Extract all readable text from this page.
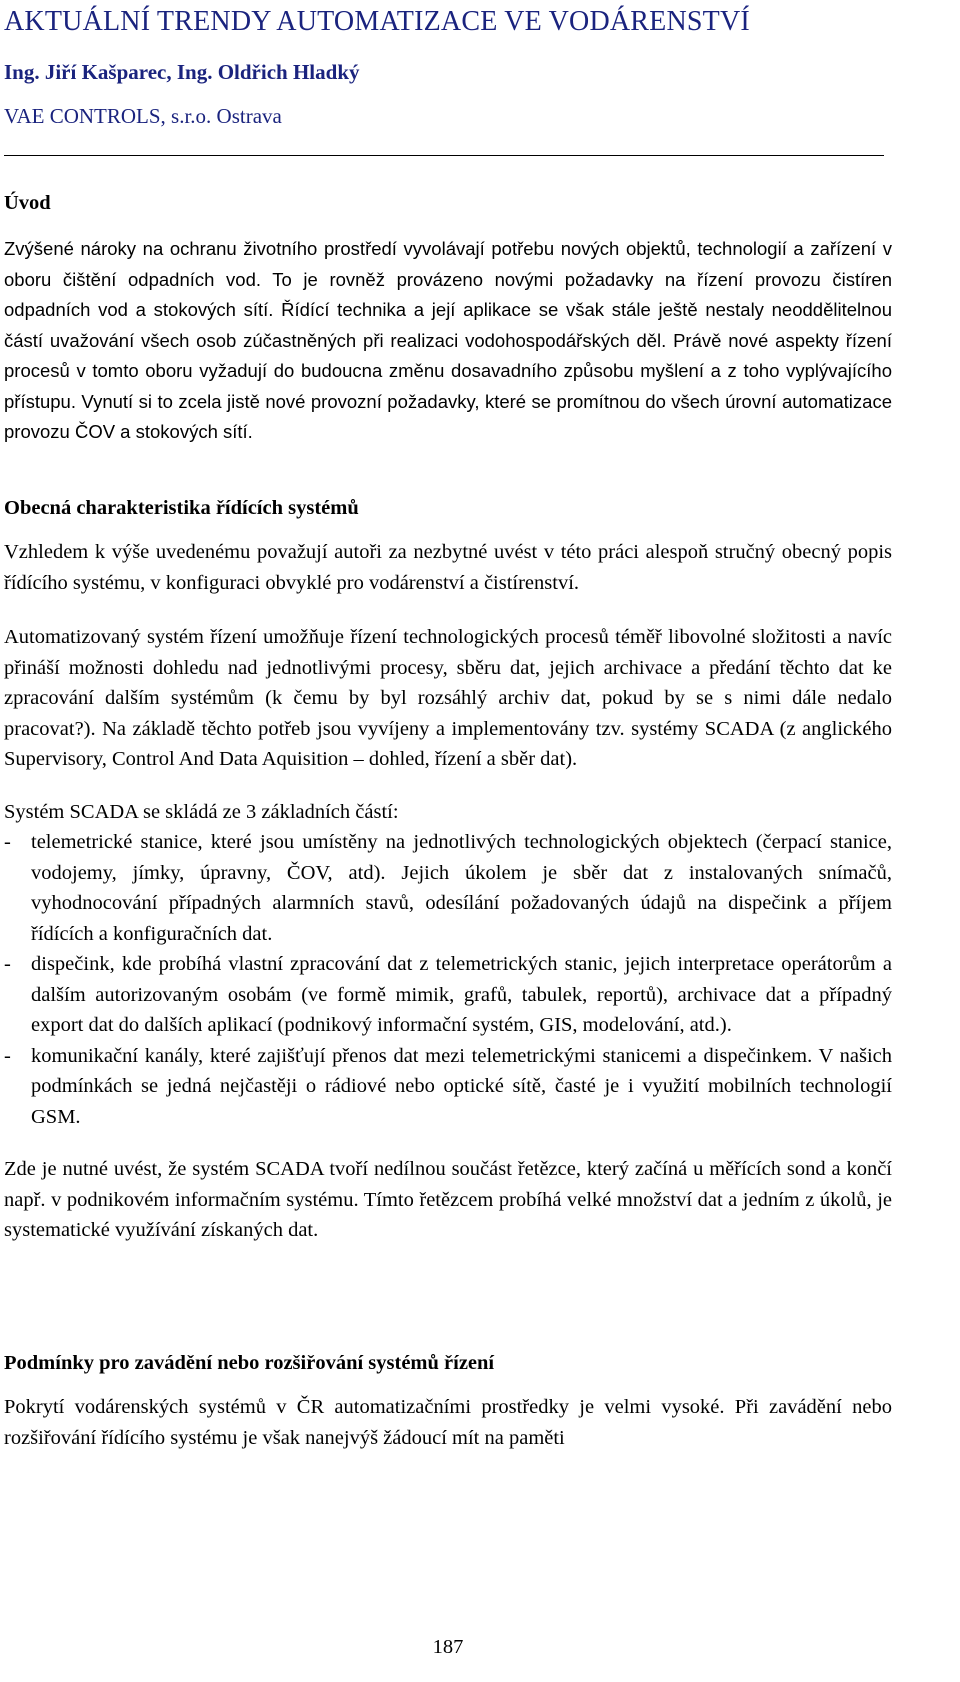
AKTUÁLNÍ TRENDY AUTOMATIZACE VE VODÁRENSTVÍ
Ing. Jiří Kašparec, Ing. Oldřich Hladký
VAE CONTROLS, s.r.o. Ostrava
Úvod

Zvýšené nároky na ochranu životního prostředí vyvolávají potřebu nových objektů, technologií a zařízení v oboru čištění odpadních vod. To je rovněž provázeno novými požadavky na řízení provozu čistíren odpadních vod a stokových sítí. Řídící technika a její aplikace se však stále ještě nestaly neoddělitelnou částí uvažování všech osob zúčastněných při realizaci vodohospodářských děl. Právě nové aspekty řízení procesů v tomto oboru vyžadují do budoucna změnu dosavadního způsobu myšlení a z toho vyplývajícího přístupu. Vynutí si to zcela jistě nové provozní požadavky, které se promítnou do všech úrovní automatizace provozu ČOV a stokových sítí.

Obecná charakteristika řídících systémů

Vzhledem k výše uvedenému považují autoři za nezbytné uvést v této práci alespoň stručný obecný popis řídícího systému, v konfiguraci obvyklé pro vodárenství a čistírenství.

Automatizovaný systém řízení umožňuje řízení technologických procesů téměř libovolné složitosti a navíc přináší možnosti dohledu nad jednotlivými procesy, sběru dat, jejich archivace a předání těchto dat ke zpracování dalším systémům (k čemu by byl rozsáhlý archiv dat, pokud by se s nimi dále nedalo pracovat?). Na základě těchto potřeb jsou vyvíjeny a implementovány tzv. systémy SCADA (z anglického Supervisory, Control And Data Aquisition – dohled, řízení a sběr dat).

Systém SCADA se skládá ze 3 základních částí:

- telemetrické stanice, které jsou umístěny na jednotlivých technologických objektech (čerpací stanice, vodojemy, jímky, úpravny, ČOV, atd). Jejich úkolem je sběr dat z instalovaných snímačů, vyhodnocování případných alarmních stavů, odesílání požadovaných údajů na dispečink a příjem řídících a konfiguračních dat.
- dispečink, kde probíhá vlastní zpracování dat z telemetrických stanic, jejich interpretace operátorům a dalším autorizovaným osobám (ve formě mimik, grafů, tabulek, reportů), archivace dat a případný export dat do dalších aplikací (podnikový informační systém, GIS, modelování, atd.).
- komunikační kanály, které zajišťují přenos dat mezi telemetrickými stanicemi a dispečinkem. V našich podmínkách se jedná nejčastěji o rádiové nebo optické sítě, časté je i využití mobilních technologií GSM.

Zde je nutné uvést, že systém SCADA tvoří nedílnou součást řetězce, který začíná u měřících sond a končí např. v podnikovém informačním systému. Tímto řetězcem probíhá velké množství dat a jedním z úkolů, je systematické využívání získaných dat.

Podmínky pro zavádění nebo rozšiřování systémů řízení

Pokrytí vodárenských systémů v ČR automatizačními prostředky je velmi vysoké. Při zavádění nebo rozšiřování řídícího systému je však nanejvýš žádoucí mít na paměti

187
